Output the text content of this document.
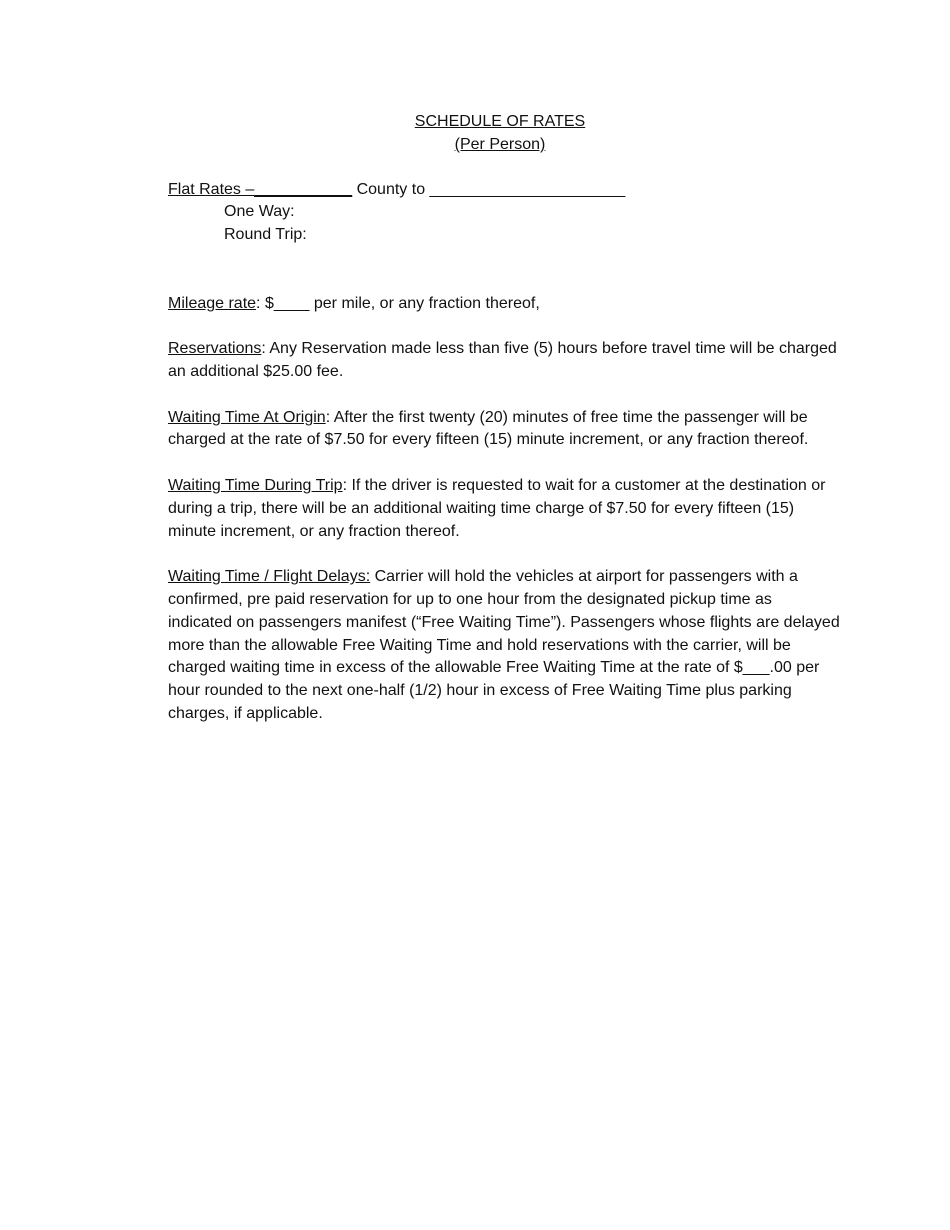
SCHEDULE OF RATES
(Per Person)
Flat Rates –___________ County to ______________________
One Way:
Round Trip:
Mileage rate: $____ per mile, or any fraction thereof,
Reservations: Any Reservation made less than five (5) hours before travel time will be charged an additional $25.00 fee.
Waiting Time At Origin: After the first twenty (20) minutes of free time the passenger will be charged at the rate of $7.50 for every fifteen (15) minute increment, or any fraction thereof.
Waiting Time During Trip: If the driver is requested to wait for a customer at the destination or during a trip, there will be an additional waiting time charge of $7.50 for every fifteen (15) minute increment, or any fraction thereof.
Waiting Time / Flight Delays: Carrier will hold the vehicles at airport for passengers with a confirmed, pre paid reservation for up to one hour from the designated pickup time as indicated on passengers manifest (“Free Waiting Time”). Passengers whose flights are delayed more than the allowable Free Waiting Time and hold reservations with the carrier, will be charged waiting time in excess of the allowable Free Waiting Time at the rate of $___.00 per hour rounded to the next one-half (1/2) hour in excess of Free Waiting Time plus parking charges, if applicable.
